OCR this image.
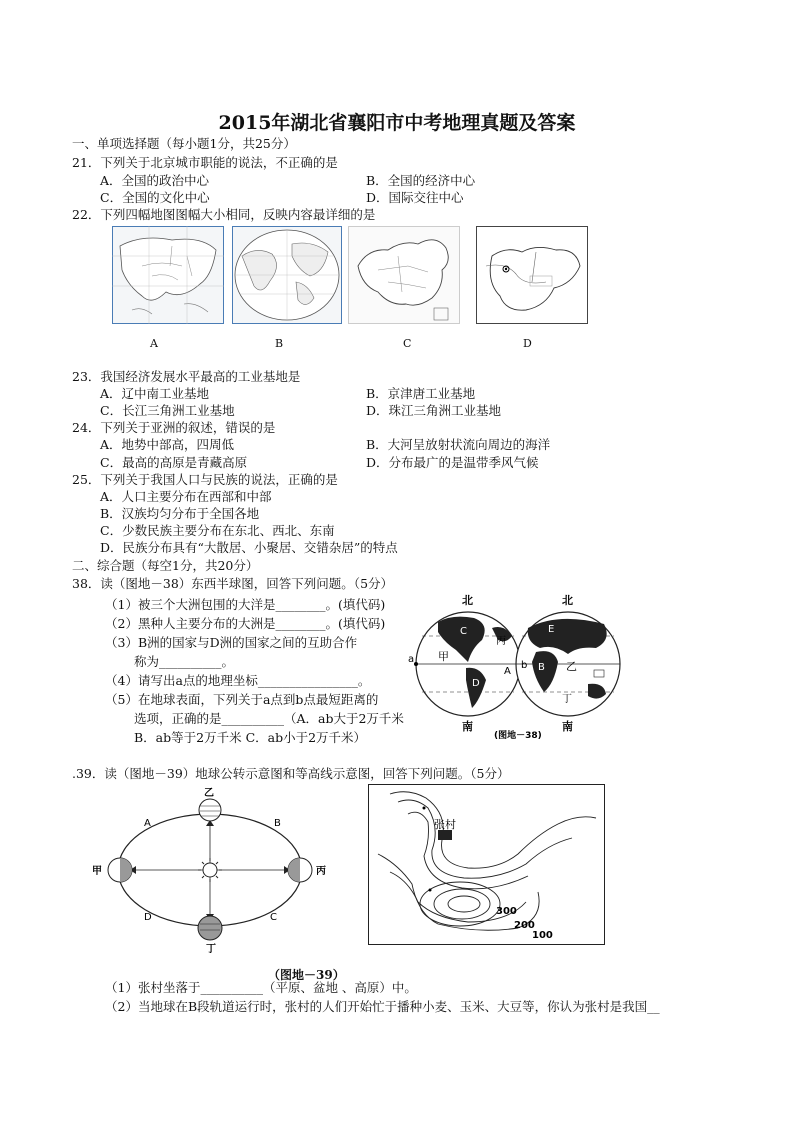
2015年湖北省襄阳市中考地理真题及答案
一、单项选择题（每小题1分，共25分）
21．下列关于北京城市职能的说法，不正确的是
A．全国的政治中心	B．全国的经济中心
C．全国的文化中心	D．国际交往中心
22．下列四幅地图图幅大小相同，反映内容最详细的是
A	B	C	D
23．我国经济发展水平最高的工业基地是
A．辽中南工业基地	B．京津唐工业基地
C．长江三角洲工业基地	D．珠江三角洲工业基地
24．下列关于亚洲的叙述，错误的是
A．地势中部高，四周低	B．大河呈放射状流向周边的海洋
C．最高的高原是青藏高原	D．分布最广的是温带季风气候
25．下列关于我国人口与民族的说法，正确的是
A．人口主要分布在西部和中部
B．汉族均匀分布于全国各地
C．少数民族主要分布在东北、西北、东南
D．民族分布具有“大散居、小聚居、交错杂居”的特点
二、综合题（每空1分，共20分）
38．读（图地－38）东西半球图，回答下列问题。（5分）
（1）被三个大洲包围的大洋是________。(填代码)
（2）黑种人主要分布的大洲是________。(填代码)
（3）B洲的国家与D洲的国家之间的互助合作
称为__________。
（4）请写出a点的地理坐标________________。
（5）在地球表面，下列关于a点到b点最短距离的
选项，正确的是__________（A．ab大于2万千米
B．ab等于2万千米 C．ab小于2万千米）
北	北
南	南
甲
丙
乙
丁
C
D
B
E
A
a
b
(图地－38)
.39．读（图地－39）地球公转示意图和等高线示意图，回答下列问题。（5分）
乙
甲	丙
丁
A	B
C
D
张村
300
200
100
（图地－39）
（1）张村坐落于__________（平原、盆地 、高原）中。
（2）当地球在B段轨道运行时，张村的人们开始忙于播种小麦、玉米、大豆等，你认为张村是我国__
